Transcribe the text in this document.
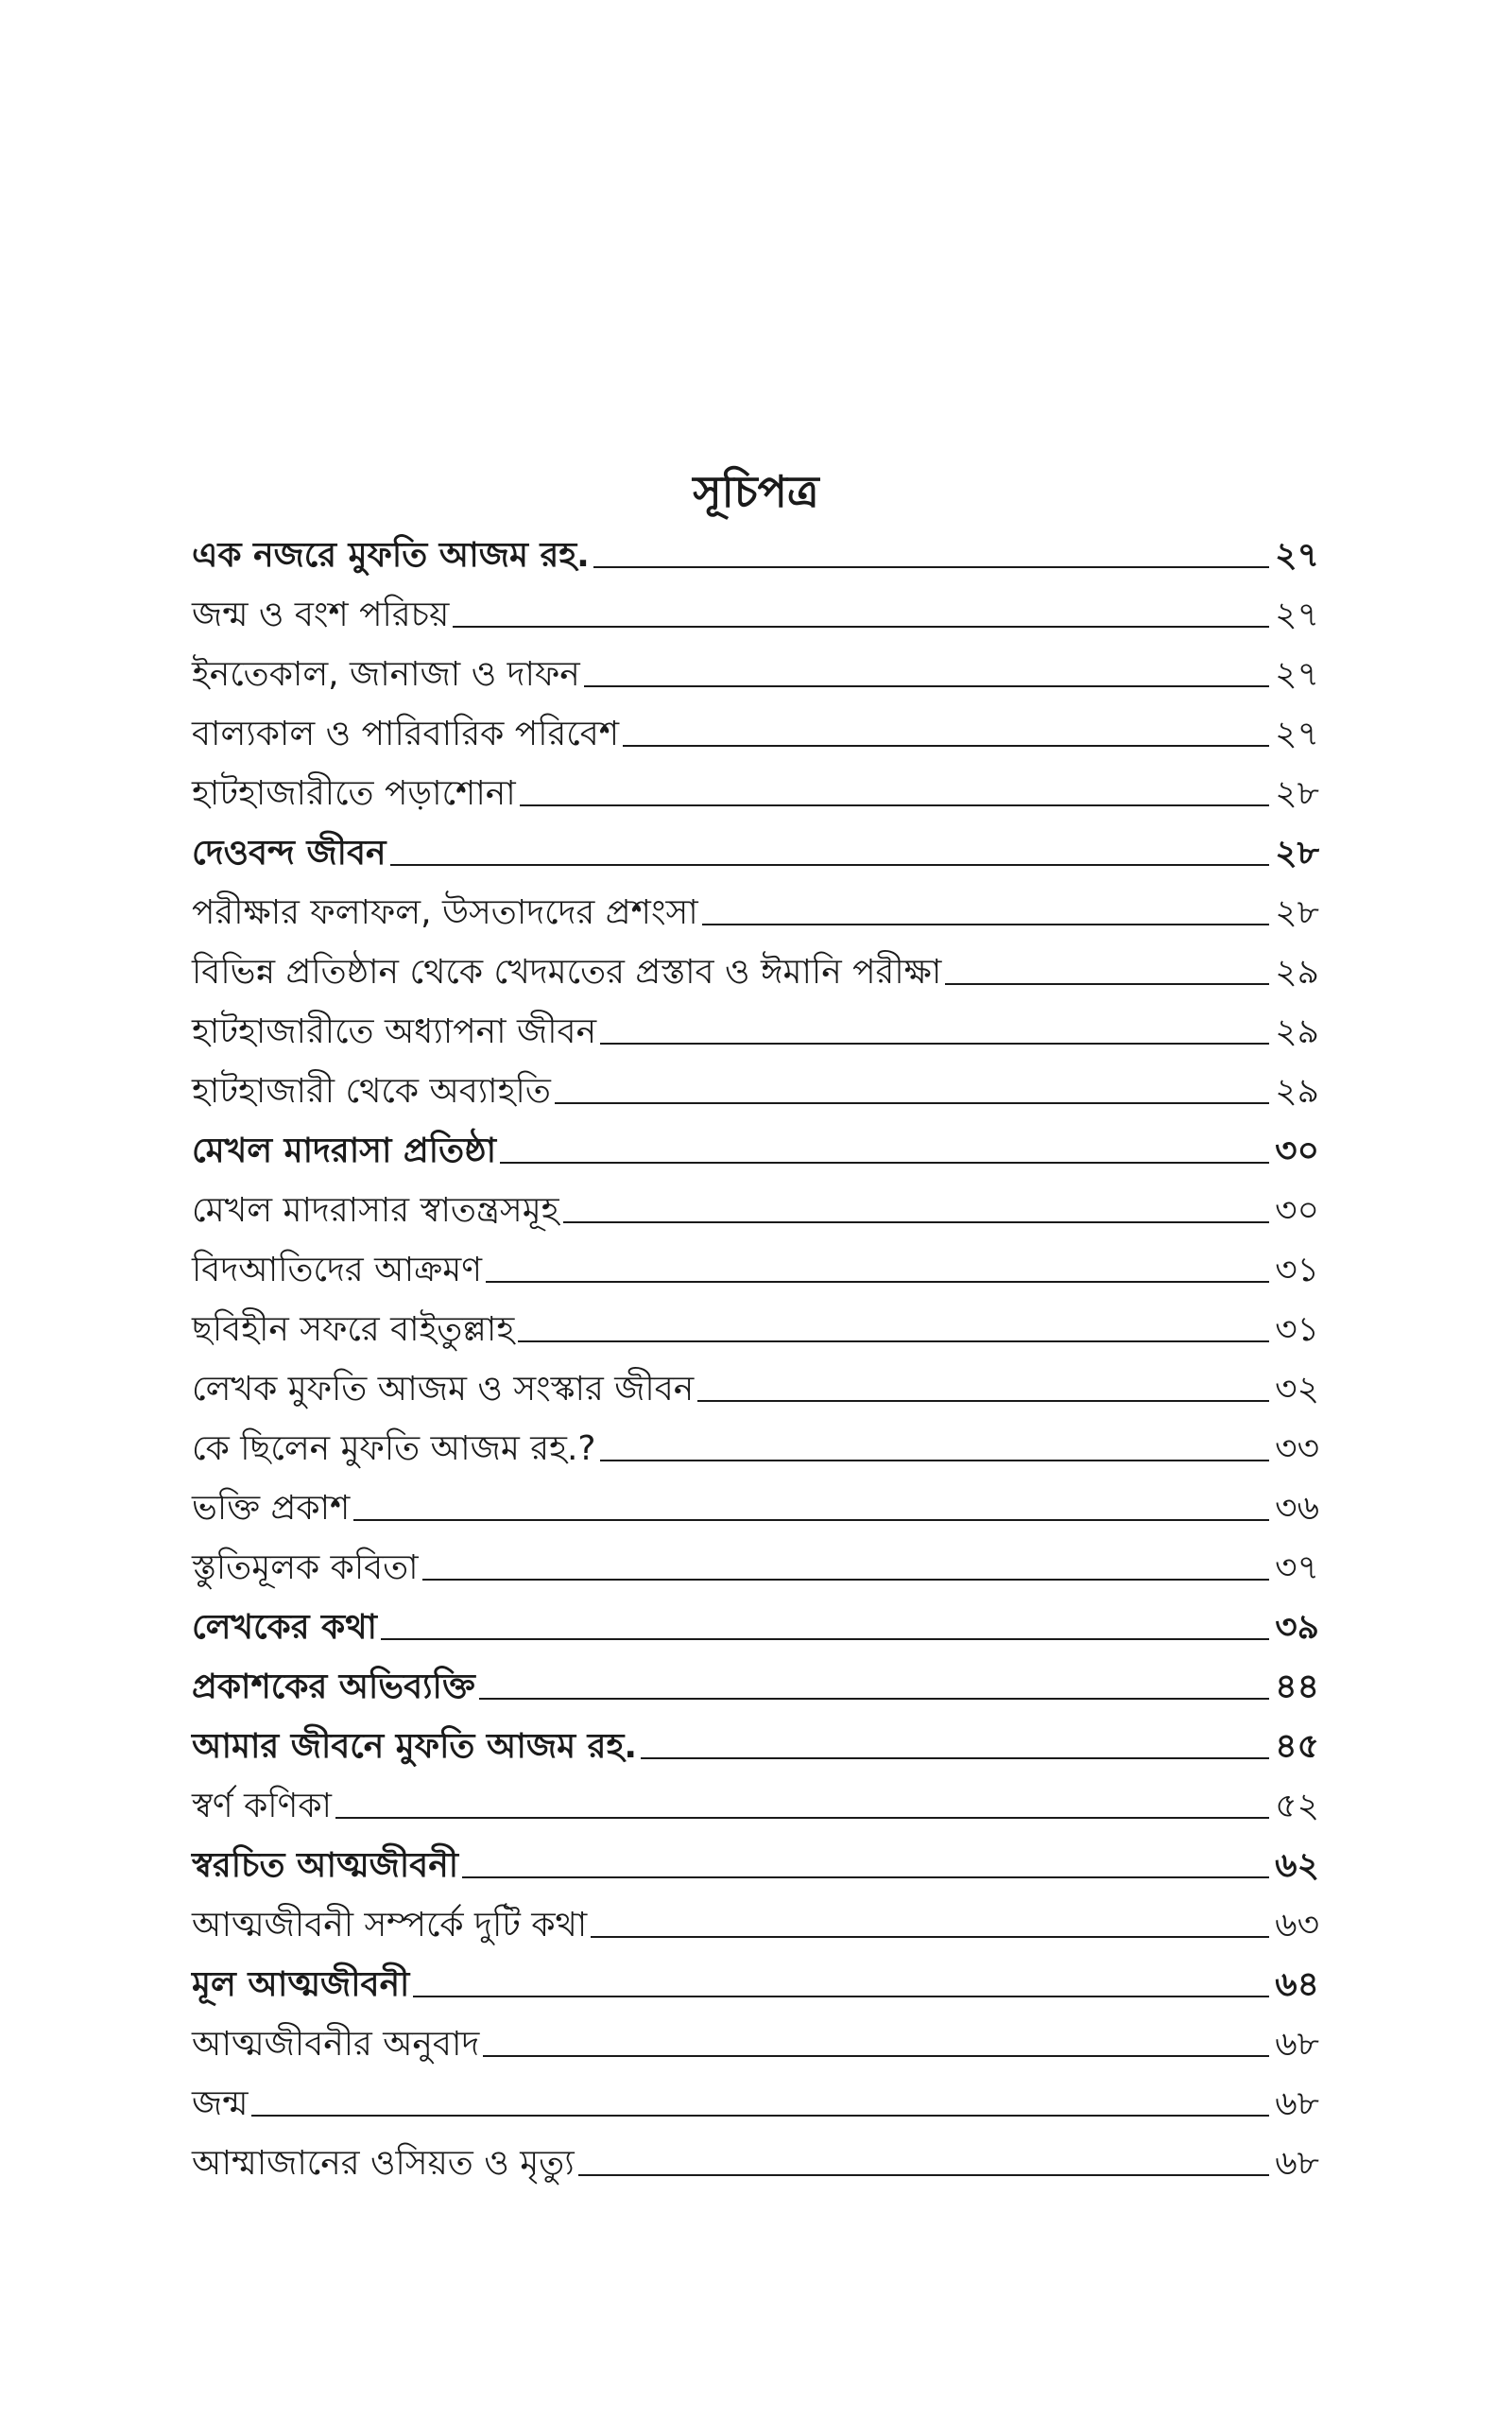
সূচিপত্র
এক নজরে মুফতি আজম রহ.	২৭
জন্ম ও বংশ পরিচয়	২৭
ইনতেকাল, জানাজা ও দাফন	২৭
বাল্যকাল ও পারিবারিক পরিবেশ	২৭
হাটহাজারীতে পড়াশোনা	২৮
দেওবন্দ জীবন	২৮
পরীক্ষার ফলাফল, উসতাদদের প্রশংসা	২৮
বিভিন্ন প্রতিষ্ঠান থেকে খেদমতের প্রস্তাব ও ঈমানি পরীক্ষা	২৯
হাটহাজারীতে অধ্যাপনা জীবন	২৯
হাটহাজারী থেকে অব্যাহতি	২৯
মেখল মাদরাসা প্রতিষ্ঠা	৩০
মেখল মাদরাসার স্বাতন্ত্রসমূহ	৩০
বিদআতিদের আক্রমণ	৩১
ছবিহীন সফরে বাইতুল্লাহ	৩১
লেখক মুফতি আজম ও সংস্কার জীবন	৩২
কে ছিলেন মুফতি আজম রহ.?	৩৩
ভক্তি প্রকাশ	৩৬
স্তুতিমূলক কবিতা	৩৭
লেখকের কথা	৩৯
প্রকাশকের অভিব্যক্তি	৪৪
আমার জীবনে মুফতি আজম রহ.	৪৫
স্বর্ণ কণিকা	৫২
স্বরচিত আত্মজীবনী	৬২
আত্মজীবনী সম্পর্কে দুটি কথা	৬৩
মূল আত্মজীবনী	৬৪
আত্মজীবনীর অনুবাদ	৬৮
জন্ম	৬৮
আম্মাজানের ওসিয়ত ও মৃত্যু	৬৮
